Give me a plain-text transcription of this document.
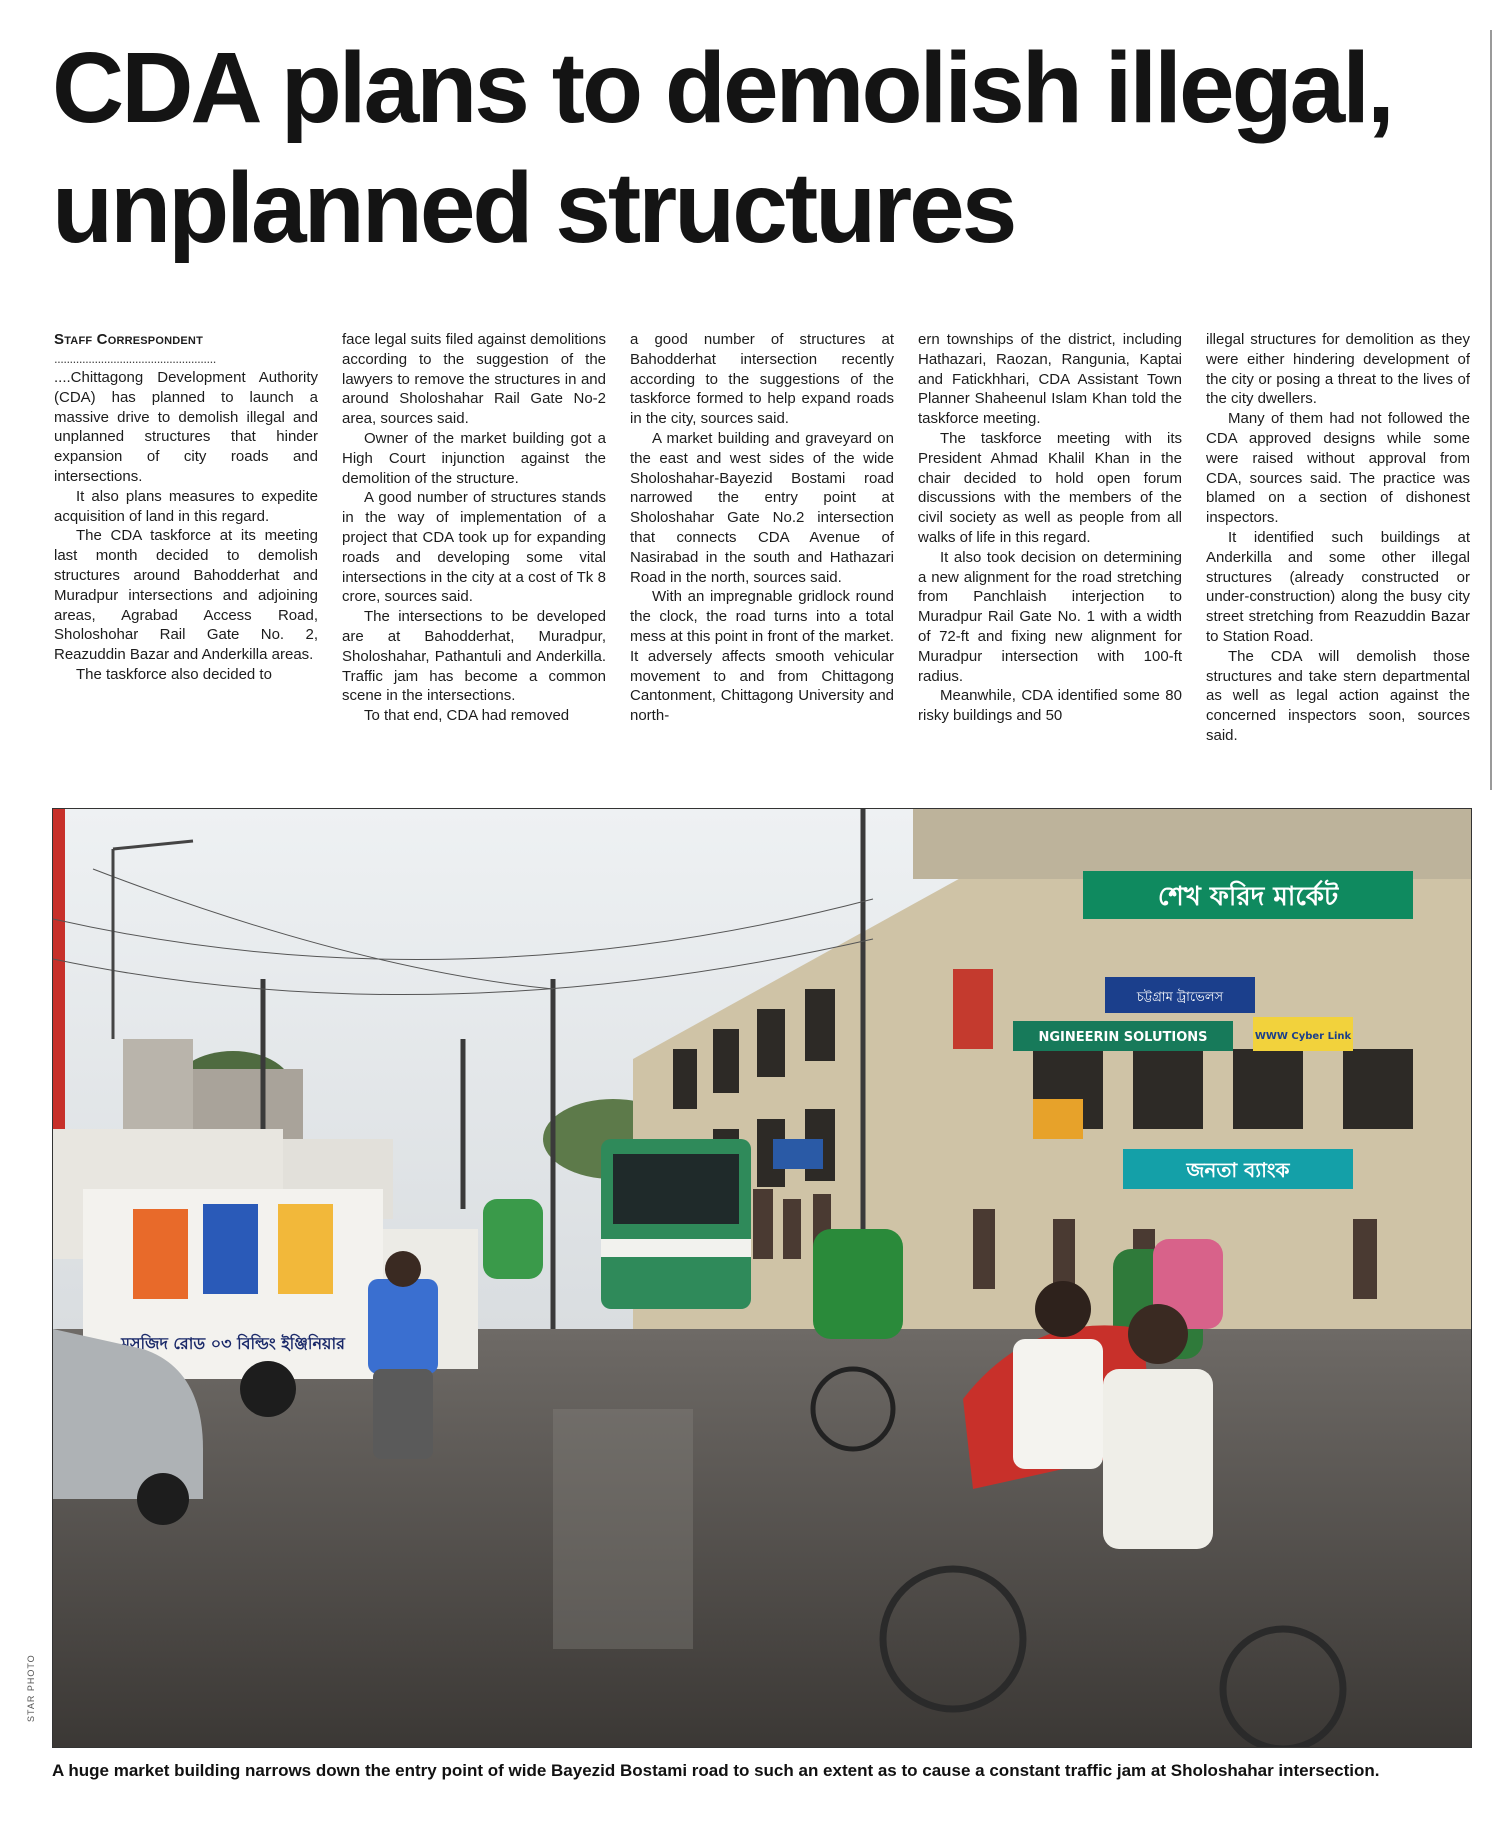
CDA plans to demolish illegal, unplanned structures
Staff Correspondent
....................................................

....Chittagong Development Authority (CDA) has planned to launch a massive drive to demolish illegal and unplanned structures that hinder expansion of city roads and intersections.

It also plans measures to expedite acquisition of land in this regard.

The CDA taskforce at its meeting last month decided to demolish structures around Bahodderhat and Muradpur intersections and adjoining areas, Agrabad Access Road, Sholoshohar Rail Gate No. 2, Reazuddin Bazar and Anderkilla areas.

The taskforce also decided to

face legal suits filed against demolitions according to the suggestion of the lawyers to remove the structures in and around Sholoshahar Rail Gate No-2 area, sources said.

Owner of the market building got a High Court injunction against the demolition of the structure.

A good number of structures stands in the way of implementation of a project that CDA took up for expanding roads and developing some vital intersections in the city at a cost of Tk 8 crore, sources said.

The intersections to be developed are at Bahodderhat, Muradpur, Sholoshahar, Pathantuli and Anderkilla. Traffic jam has become a common scene in the intersections.

To that end, CDA had removed

a good number of structures at Bahodderhat intersection recently according to the suggestions of the taskforce formed to help expand roads in the city, sources said.

A market building and graveyard on the east and west sides of the wide Sholoshahar-Bayezid Bostami road narrowed the entry point at Sholoshahar Gate No.2 intersection that connects CDA Avenue of Nasirabad in the south and Hathazari Road in the north, sources said.

With an impregnable gridlock round the clock, the road turns into a total mess at this point in front of the market. It adversely affects smooth vehicular movement to and from Chittagong Cantonment, Chittagong University and north-

ern townships of the district, including Hathazari, Raozan, Rangunia, Kaptai and Fatickhhari, CDA Assistant Town Planner Shaheenul Islam Khan told the taskforce meeting.

The taskforce meeting with its President Ahmad Khalil Khan in the chair decided to hold open forum discussions with the members of the civil society as well as people from all walks of life in this regard.

It also took decision on determining a new alignment for the road stretching from Panchlaish interjection to Muradpur Rail Gate No. 1 with a width of 72-ft and fixing new alignment for Muradpur intersection with 100-ft radius.

Meanwhile, CDA identified some 80 risky buildings and 50

illegal structures for demolition as they were either hindering development of the city or posing a threat to the lives of the city dwellers.

Many of them had not followed the CDA approved designs while some were raised without approval from CDA, sources said. The practice was blamed on a section of dishonest inspectors.

It identified such buildings at Anderkilla and some other illegal structures (already constructed or under-construction) along the busy city street stretching from Reazuddin Bazar to Station Road.

The CDA will demolish those structures and take stern departmental as well as legal action against the concerned inspectors soon, sources said.

শেখ ফরিদ মার্কেট
চট্টগ্রাম ট্রাভেলস
NGINEERIN SOLUTIONS	WWW Cyber Link
জনতা ব্যাংক
মসজিদ রোড ০৩ বিল্ডিং ইঞ্জিনিয়ার
STAR PHOTO
A huge market building narrows down the entry point of wide Bayezid Bostami road to such an extent as to cause a constant traffic jam at Sholoshahar intersection.
